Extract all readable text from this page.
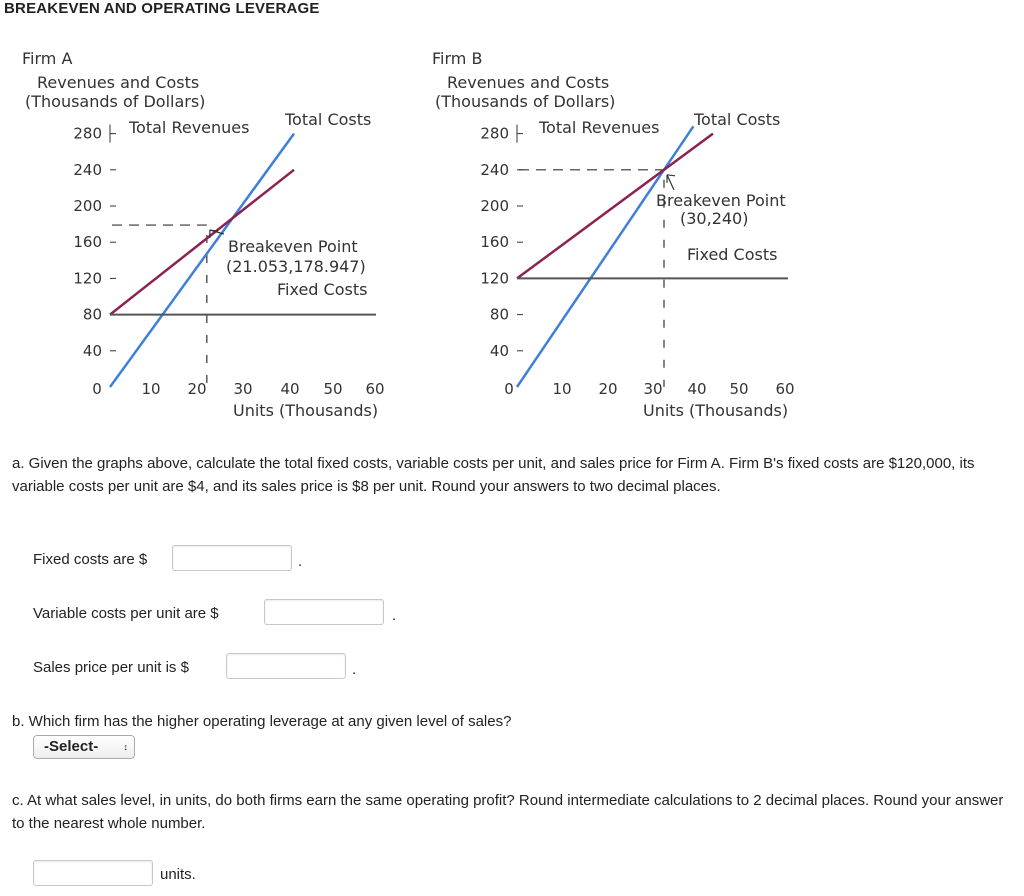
BREAKEVEN AND OPERATING LEVERAGE
Firm A
Revenues and Costs
(Thousands of Dollars)
40
80
120
160
200
240
280
0	10 20 30 40 50 60
Units (Thousands)
Total Revenues Total Costs
Fixed Costs
Breakeven Point
(21.053,178.947)
Firm B
Revenues and Costs
(Thousands of Dollars)
40
80
120
160
200
240
280
0	10 20 30 40 50 60
Units (Thousands)
Total Revenues Total Costs
Fixed Costs
Breakeven Point
(30,240)
a. Given the graphs above, calculate the total fixed costs, variable costs per unit, and sales price for Firm A. Firm B's fixed costs are $120,000, its variable costs per unit are $4, and its sales price is $8 per unit. Round your answers to two decimal places.
Fixed costs are $	.
Variable costs per unit are $	.
Sales price per unit is $	.
b. Which firm has the higher operating leverage at any given level of sales?
-Select-	↕
c. At what sales level, in units, do both firms earn the same operating profit? Round intermediate calculations to 2 decimal places. Round your answer to the nearest whole number.
units.
